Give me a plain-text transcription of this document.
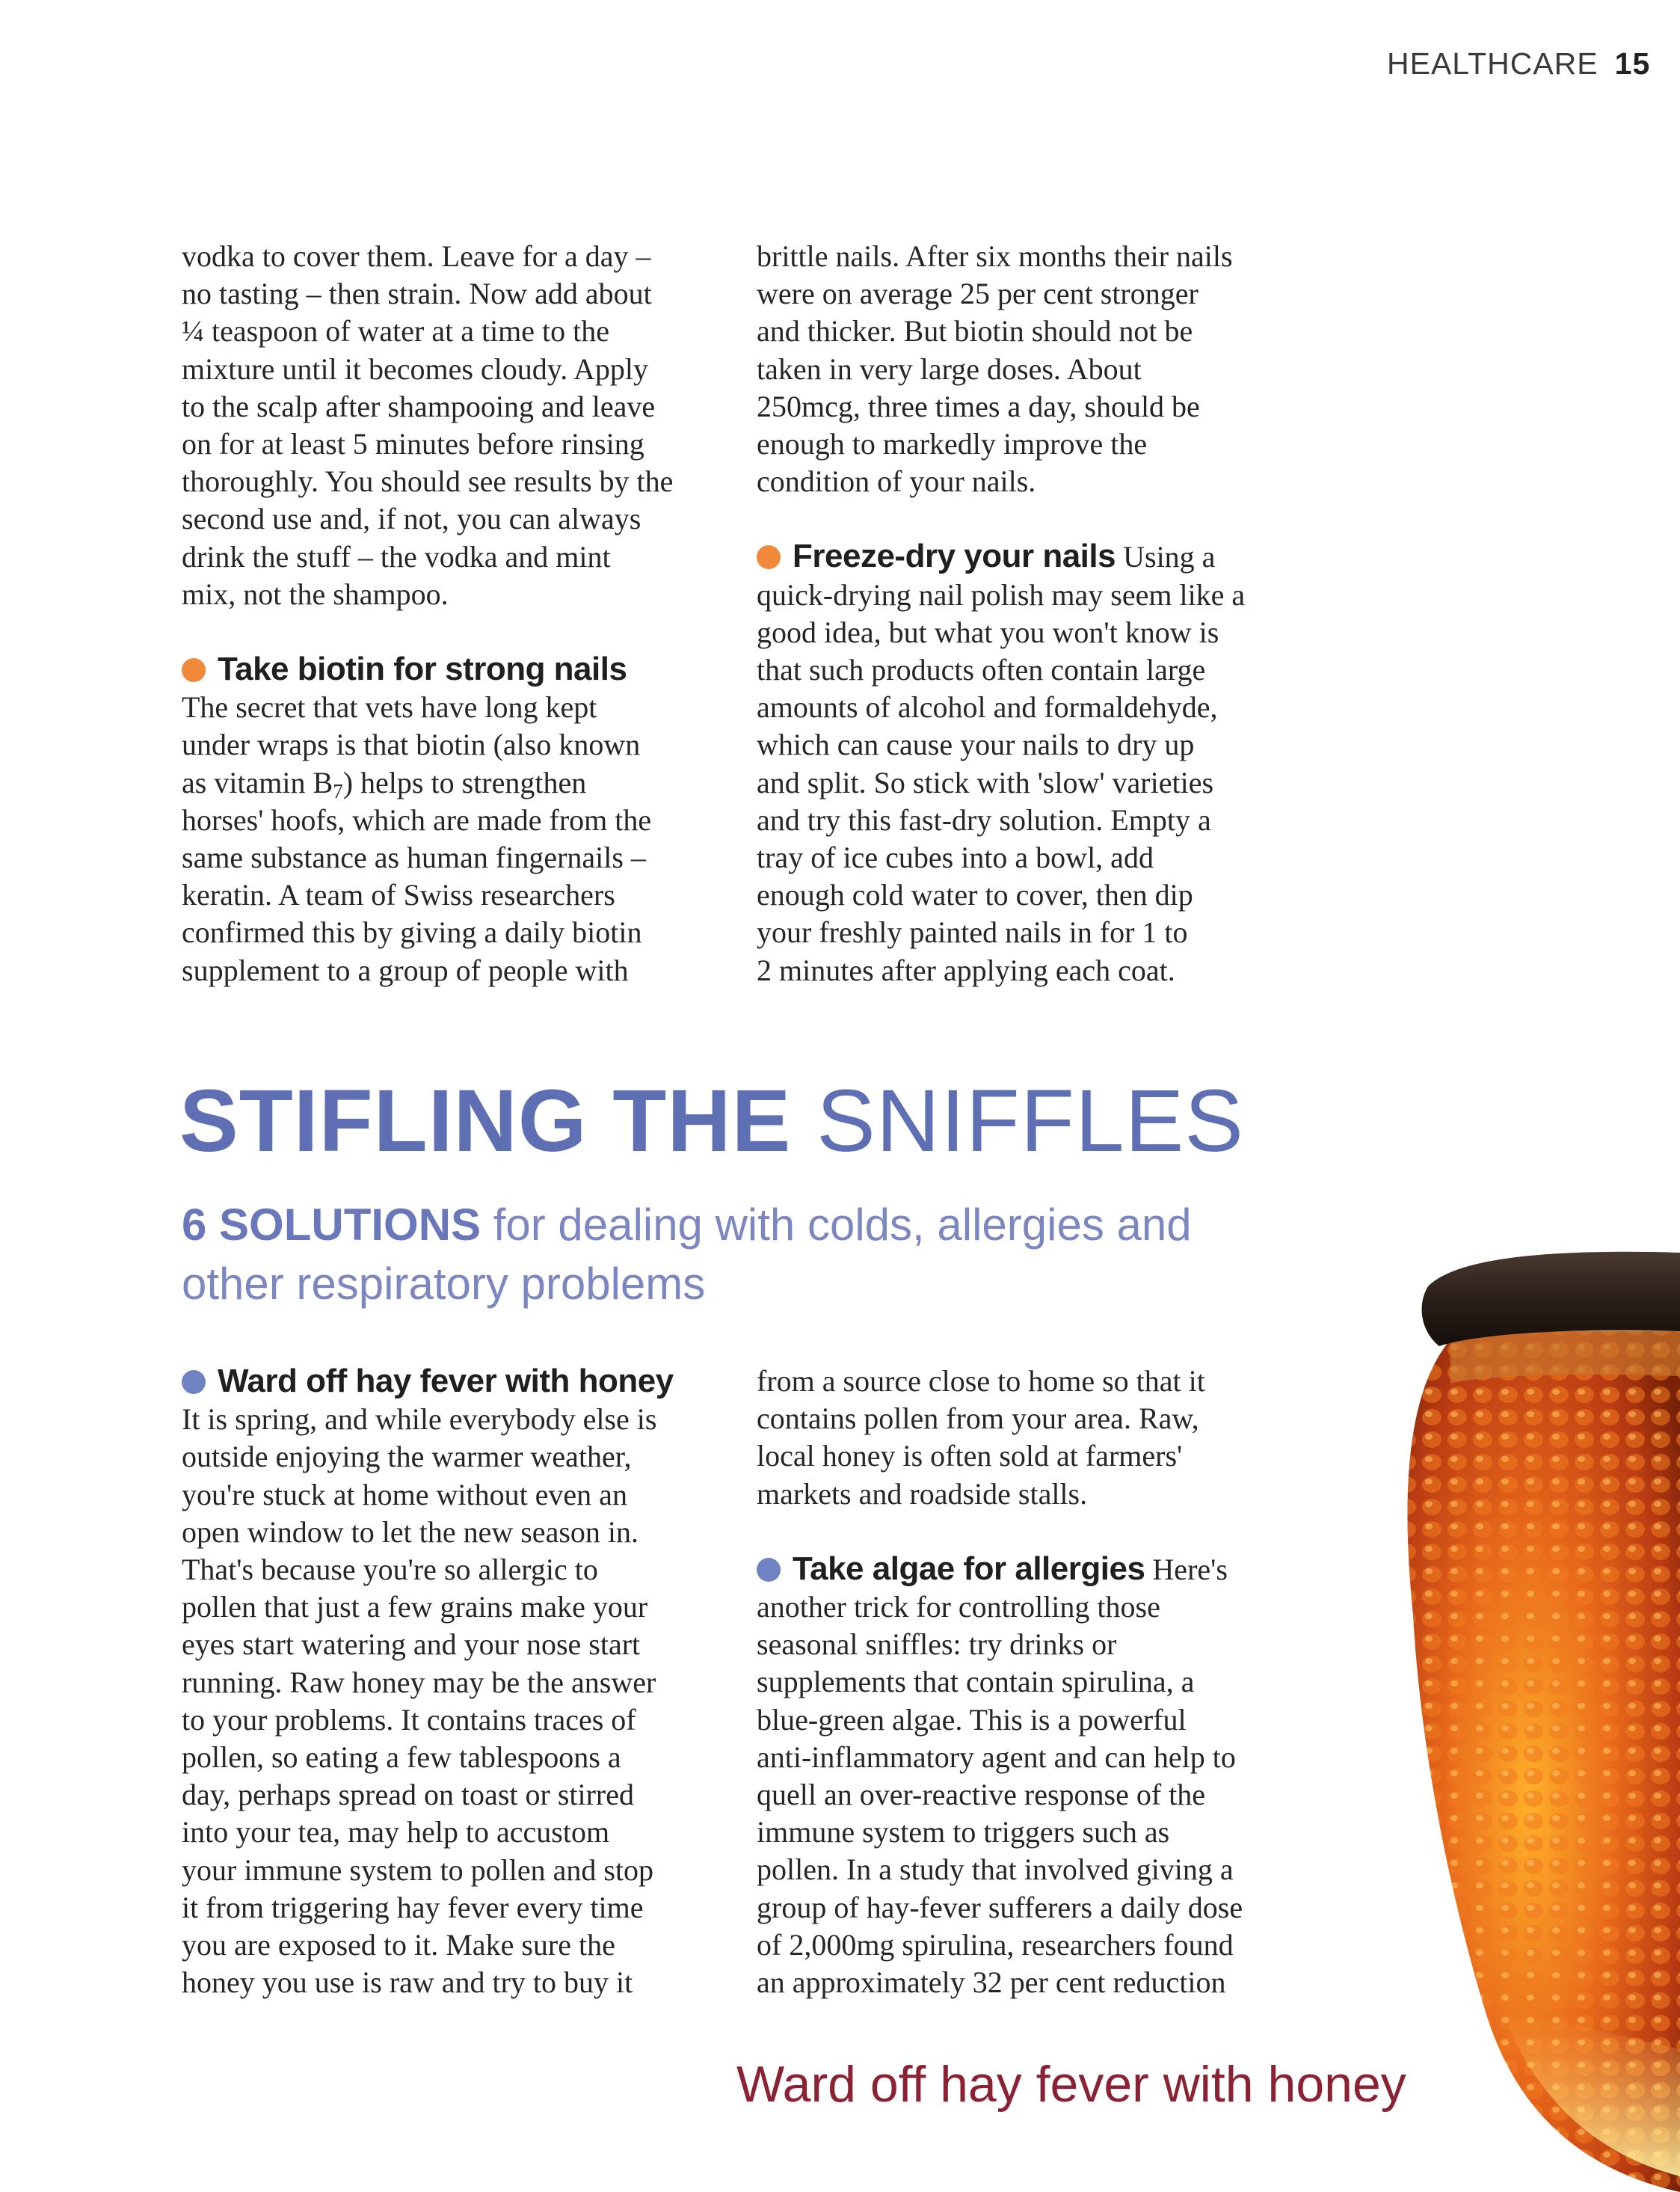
HEALTHCARE 15

vodka to cover them. Leave for a day –

no tasting – then strain. Now add about

¼ teaspoon of water at a time to the

mixture until it becomes cloudy. Apply

to the scalp after shampooing and leave

on for at least 5 minutes before rinsing

thoroughly. You should see results by the

second use and, if not, you can always

drink the stuff – the vodka and mint

mix, not the shampoo.

Take biotin for strong nails

The secret that vets have long kept

under wraps is that biotin (also known

as vitamin $B_7$) helps to strengthen

horses' hoofs, which are made from the

same substance as human fingernails –

keratin. A team of Swiss researchers

confirmed this by giving a daily biotin

supplement to a group of people with

brittle nails. After six months their nails

were on average 25 per cent stronger

and thicker. But biotin should not be

taken in very large doses. About

250mcg, three times a day, should be

enough to markedly improve the

condition of your nails.

Freeze-dry your nails Using a

quick-drying nail polish may seem like a

good idea, but what you won't know is

that such products often contain large

amounts of alcohol and formaldehyde,

which can cause your nails to dry up

and split. So stick with 'slow' varieties

and try this fast-dry solution. Empty a

tray of ice cubes into a bowl, add

enough cold water to cover, then dip

your freshly painted nails in for 1 to

2 minutes after applying each coat.

STIFLING THE SNIFFLES
6 SOLUTIONS for dealing with colds, allergies and
other respiratory problems

Ward off hay fever with honey

It is spring, and while everybody else is

outside enjoying the warmer weather,

you're stuck at home without even an

open window to let the new season in.

That's because you're so allergic to

pollen that just a few grains make your

eyes start watering and your nose start

running. Raw honey may be the answer

to your problems. It contains traces of

pollen, so eating a few tablespoons a

day, perhaps spread on toast or stirred

into your tea, may help to accustom

your immune system to pollen and stop

it from triggering hay fever every time

you are exposed to it. Make sure the

honey you use is raw and try to buy it

from a source close to home so that it

contains pollen from your area. Raw,

local honey is often sold at farmers'

markets and roadside stalls.

Take algae for allergies Here's

another trick for controlling those

seasonal sniffles: try drinks or

supplements that contain spirulina, a

blue-green algae. This is a powerful

anti-inflammatory agent and can help to

quell an over-reactive response of the

immune system to triggers such as

pollen. In a study that involved giving a

group of hay-fever sufferers a daily dose

of 2,000mg spirulina, researchers found

an approximately 32 per cent reduction

Ward off hay fever with honey
